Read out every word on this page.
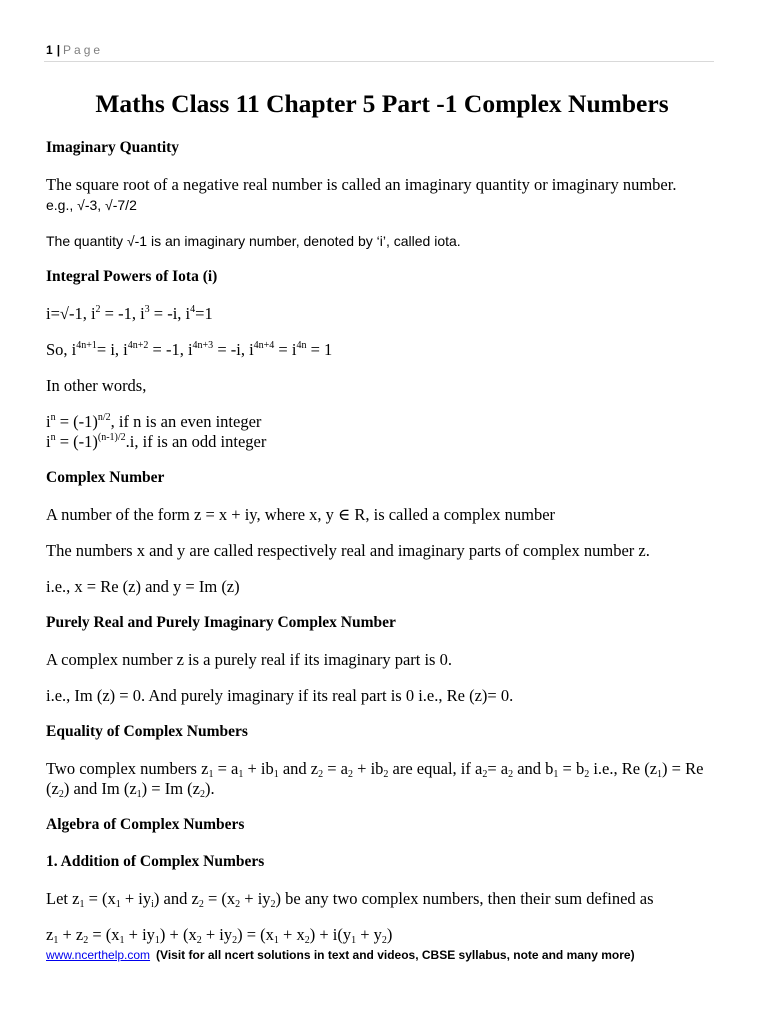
1 | Page
Maths Class 11 Chapter 5 Part -1 Complex Numbers
Imaginary Quantity

The square root of a negative real number is called an imaginary quantity or imaginary number.

e.g., √-3, √-7/2

The quantity √-1 is an imaginary number, denoted by ‘i’, called iota.

Integral Powers of Iota (i)

i=√-1, $i^2 = -1$, $i^3 = -i$, $i^4=1$

So, $i^{4n+1}= i$, $i^{4n+2} = -1$, $i^{4n+3} = -i$, $i^{4n+4} = i^{4n} = 1$

In other words,

$i^n = (-1)^{n/2}$, if n is an even integer

$i^n = (-1)^{(n-1)/2}.i$, if is an odd integer

Complex Number

A number of the form z = x + iy, where x, y ∈ R, is called a complex number

The numbers x and y are called respectively real and imaginary parts of complex number z.

i.e., x = Re (z) and y = Im (z)

Purely Real and Purely Imaginary Complex Number

A complex number z is a purely real if its imaginary part is 0.

i.e., Im (z) = 0. And purely imaginary if its real part is 0 i.e., Re (z)= 0.

Equality of Complex Numbers

Two complex numbers $z_1 = a_1 + ib_1$ and $z_2 = a_2 + ib_2$ are equal, if $a_2= a_2$ and $b_1 = b_2$ i.e., Re $(z_1) = Re$ $(z_2)$ and Im $(z_1) = Im$ $(z_2)$.

Algebra of Complex Numbers
1. Addition of Complex Numbers

Let $z_1 = (x_1 + iy_i)$ and $z_2 = (x_2 + iy_2)$ be any two complex numbers, then their sum defined as

$z_1 + z_2 = (x_1 + iy_1) + (x_2 + iy_2) = (x_1 + x_2) + i(y_1 + y_2)$

www.ncerthelp.com (Visit for all ncert solutions in text and videos, CBSE syllabus, note and many more)
